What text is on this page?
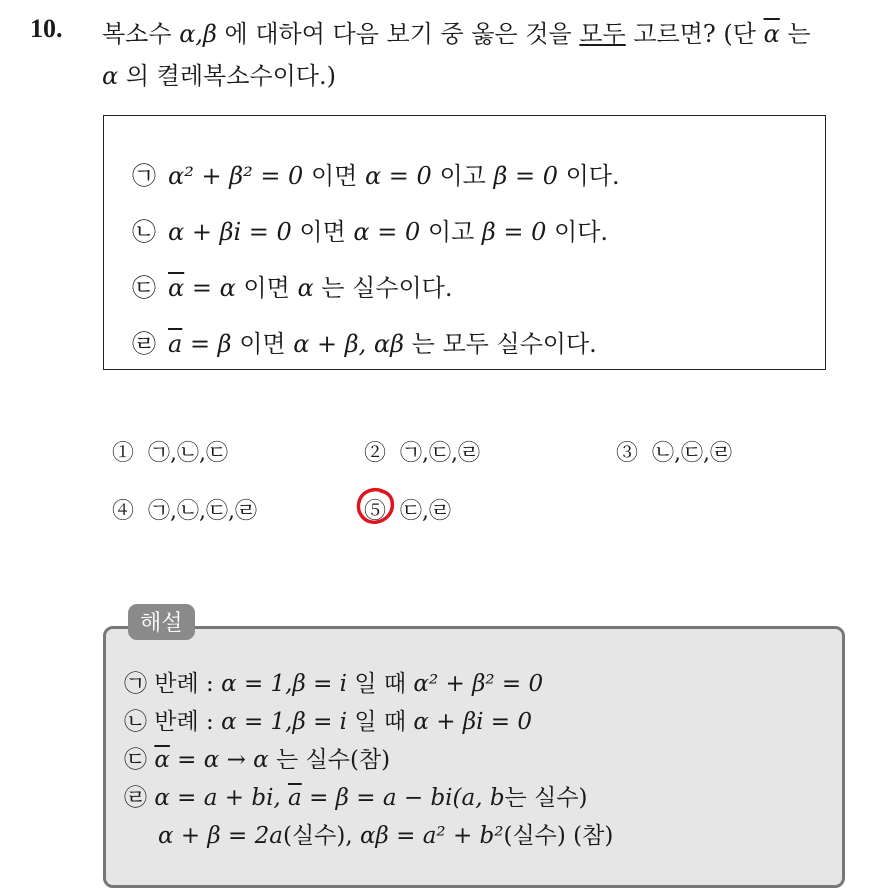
10. 복소수 α,β 에 대하여 다음 보기 중 옳은 것을 모두 고르면? (단 $\overline{\alpha}$ 는
α 의 켤레복소수이다.)
㉠ α² + β² = 0 이면 α = 0 이고 β = 0 이다.
㉡ α + βi = 0 이면 α = 0 이고 β = 0 이다.
㉢ $\overline{\alpha} = \alpha$ 이면 α 는 실수이다.
㉣ $\overline{a} = \beta$ 이면 α + β, αβ 는 모두 실수이다.
① ㉠,㉡,㉢	② ㉠,㉢,㉣	③ ㉡,㉢,㉣
④ ㉠,㉡,㉢,㉣	⑤ ㉢,㉣
㉠ 반례 : α = 1,β = i 일 때 α² + β² = 0
㉡ 반례 : α = 1,β = i 일 때 α + βi = 0
㉢ $\overline{\alpha} = \alpha \to \alpha$ 는 실수(참)
㉣ α = a + bi, $\overline{a} = \beta = a - bi(a$, b는 실수)
α + β = 2a(실수), αβ = a² + b²(실수) (참)
해설
